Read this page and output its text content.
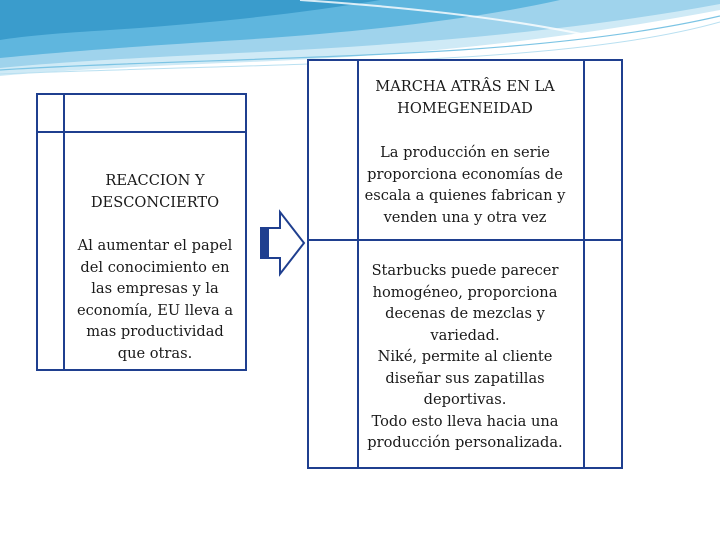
REACCION Y
DESCONCIERTO
Al aumentar el papel
del conocimiento en
las empresas y la
economía, EU lleva a
mas productividad
que otras.
MARCHA ATRÂS EN LA
HOMEGENEIDAD
La producción en serie
proporciona economías de
escala a quienes fabrican y
venden una y otra vez
Starbucks puede parecer
homogéneo, proporciona
decenas de mezclas y
variedad.
Niké, permite al cliente
diseñar sus zapatillas
deportivas.
Todo esto lleva hacia una
producción personalizada.
